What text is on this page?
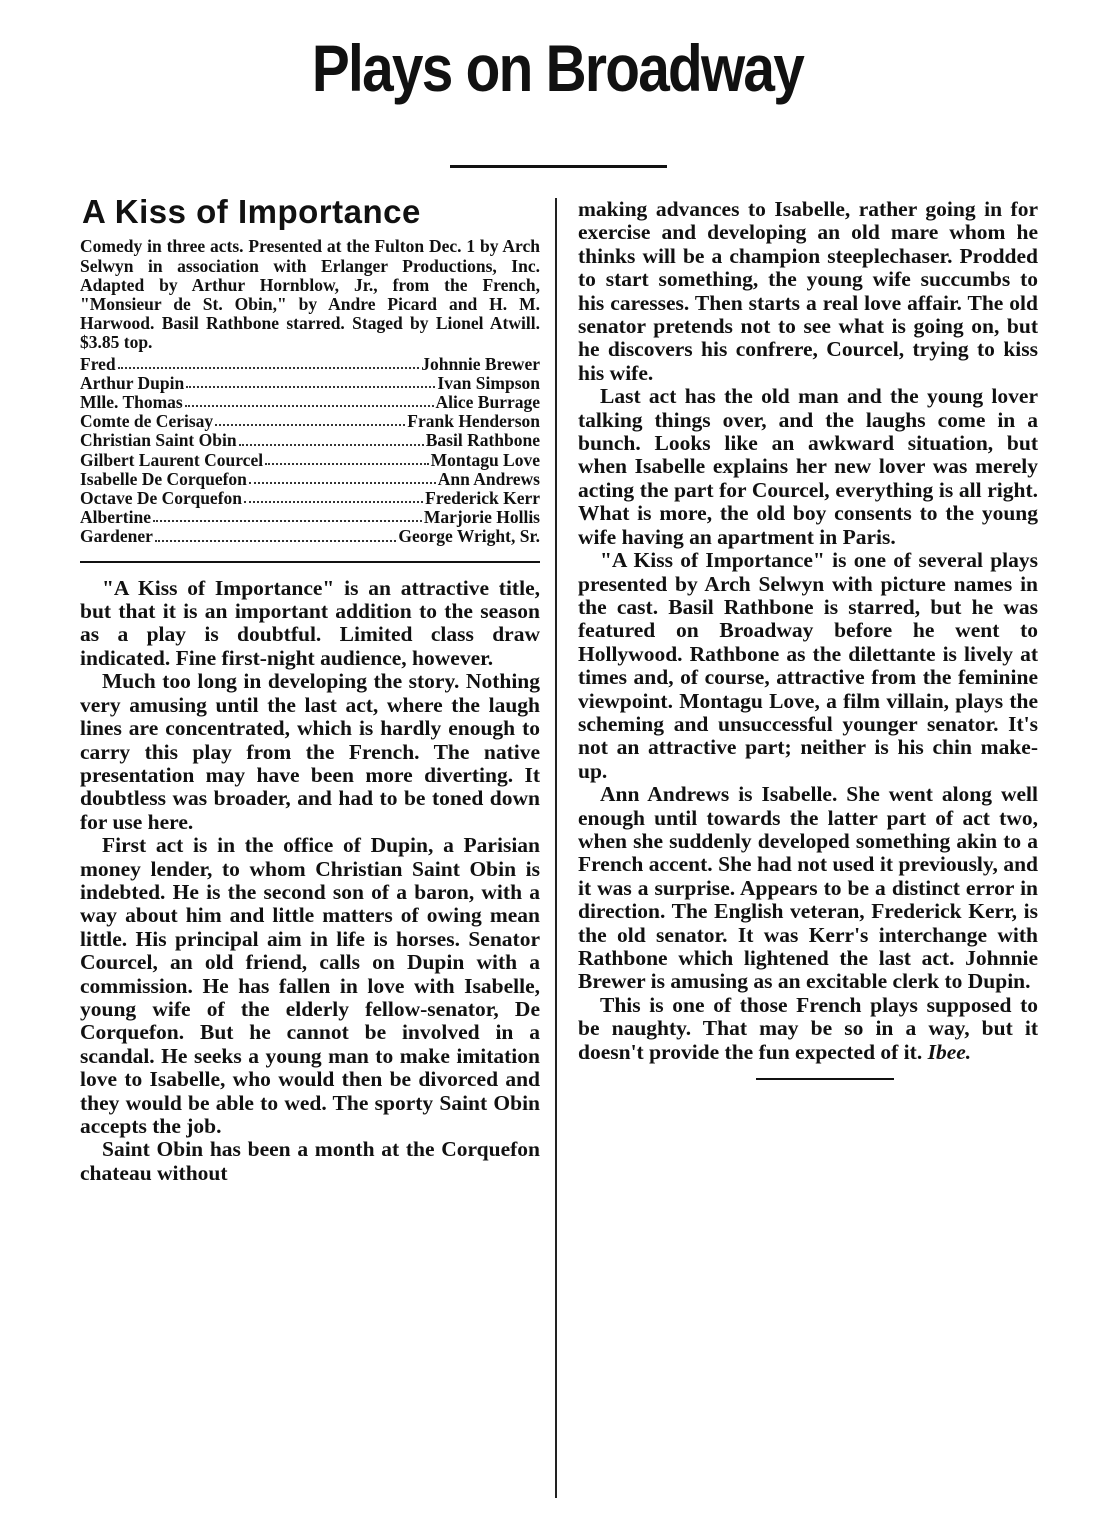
Plays on Broadway
A Kiss of Importance
Comedy in three acts. Presented at the Fulton Dec. 1 by Arch Selwyn in association with Erlanger Productions, Inc. Adapted by Arthur Hornblow, Jr., from the French, "Monsieur de St. Obin," by Andre Picard and H. M. Harwood. Basil Rathbone starred. Staged by Lionel Atwill. $3.85 top.
Fred	Johnnie Brewer
Arthur Dupin	Ivan Simpson
Mlle. Thomas	Alice Burrage
Comte de Cerisay	Frank Henderson
Christian Saint Obin	Basil Rathbone
Gilbert Laurent Courcel	Montagu Love
Isabelle De Corquefon	Ann Andrews
Octave De Corquefon	Frederick Kerr
Albertine	Marjorie Hollis
Gardener	George Wright, Sr.

"A Kiss of Importance" is an attractive title, but that it is an important addition to the season as a play is doubtful. Limited class draw indicated. Fine first-night audience, however.

Much too long in developing the story. Nothing very amusing until the last act, where the laugh lines are concentrated, which is hardly enough to carry this play from the French. The native presentation may have been more diverting. It doubtless was broader, and had to be toned down for use here.

First act is in the office of Dupin, a Parisian money lender, to whom Christian Saint Obin is indebted. He is the second son of a baron, with a way about him and little matters of owing mean little. His principal aim in life is horses. Senator Courcel, an old friend, calls on Dupin with a commission. He has fallen in love with Isabelle, young wife of the elderly fellow-senator, De Corquefon. But he cannot be involved in a scandal. He seeks a young man to make imitation love to Isabelle, who would then be divorced and they would be able to wed. The sporty Saint Obin accepts the job.

Saint Obin has been a month at the Corquefon chateau without

making advances to Isabelle, rather going in for exercise and developing an old mare whom he thinks will be a champion steeplechaser. Prodded to start something, the young wife succumbs to his caresses. Then starts a real love affair. The old senator pretends not to see what is going on, but he discovers his confrere, Courcel, trying to kiss his wife.

Last act has the old man and the young lover talking things over, and the laughs come in a bunch. Looks like an awkward situation, but when Isabelle explains her new lover was merely acting the part for Courcel, everything is all right. What is more, the old boy consents to the young wife having an apartment in Paris.

"A Kiss of Importance" is one of several plays presented by Arch Selwyn with picture names in the cast. Basil Rathbone is starred, but he was featured on Broadway before he went to Hollywood. Rathbone as the dilettante is lively at times and, of course, attractive from the feminine viewpoint. Montagu Love, a film villain, plays the scheming and unsuccessful younger senator. It's not an attractive part; neither is his chin make-up.

Ann Andrews is Isabelle. She went along well enough until towards the latter part of act two, when she suddenly developed something akin to a French accent. She had not used it previously, and it was a surprise. Appears to be a distinct error in direction. The English veteran, Frederick Kerr, is the old senator. It was Kerr's interchange with Rathbone which lightened the last act. Johnnie Brewer is amusing as an excitable clerk to Dupin.

This is one of those French plays supposed to be naughty. That may be so in a way, but it doesn't provide the fun expected of it. Ibee.
